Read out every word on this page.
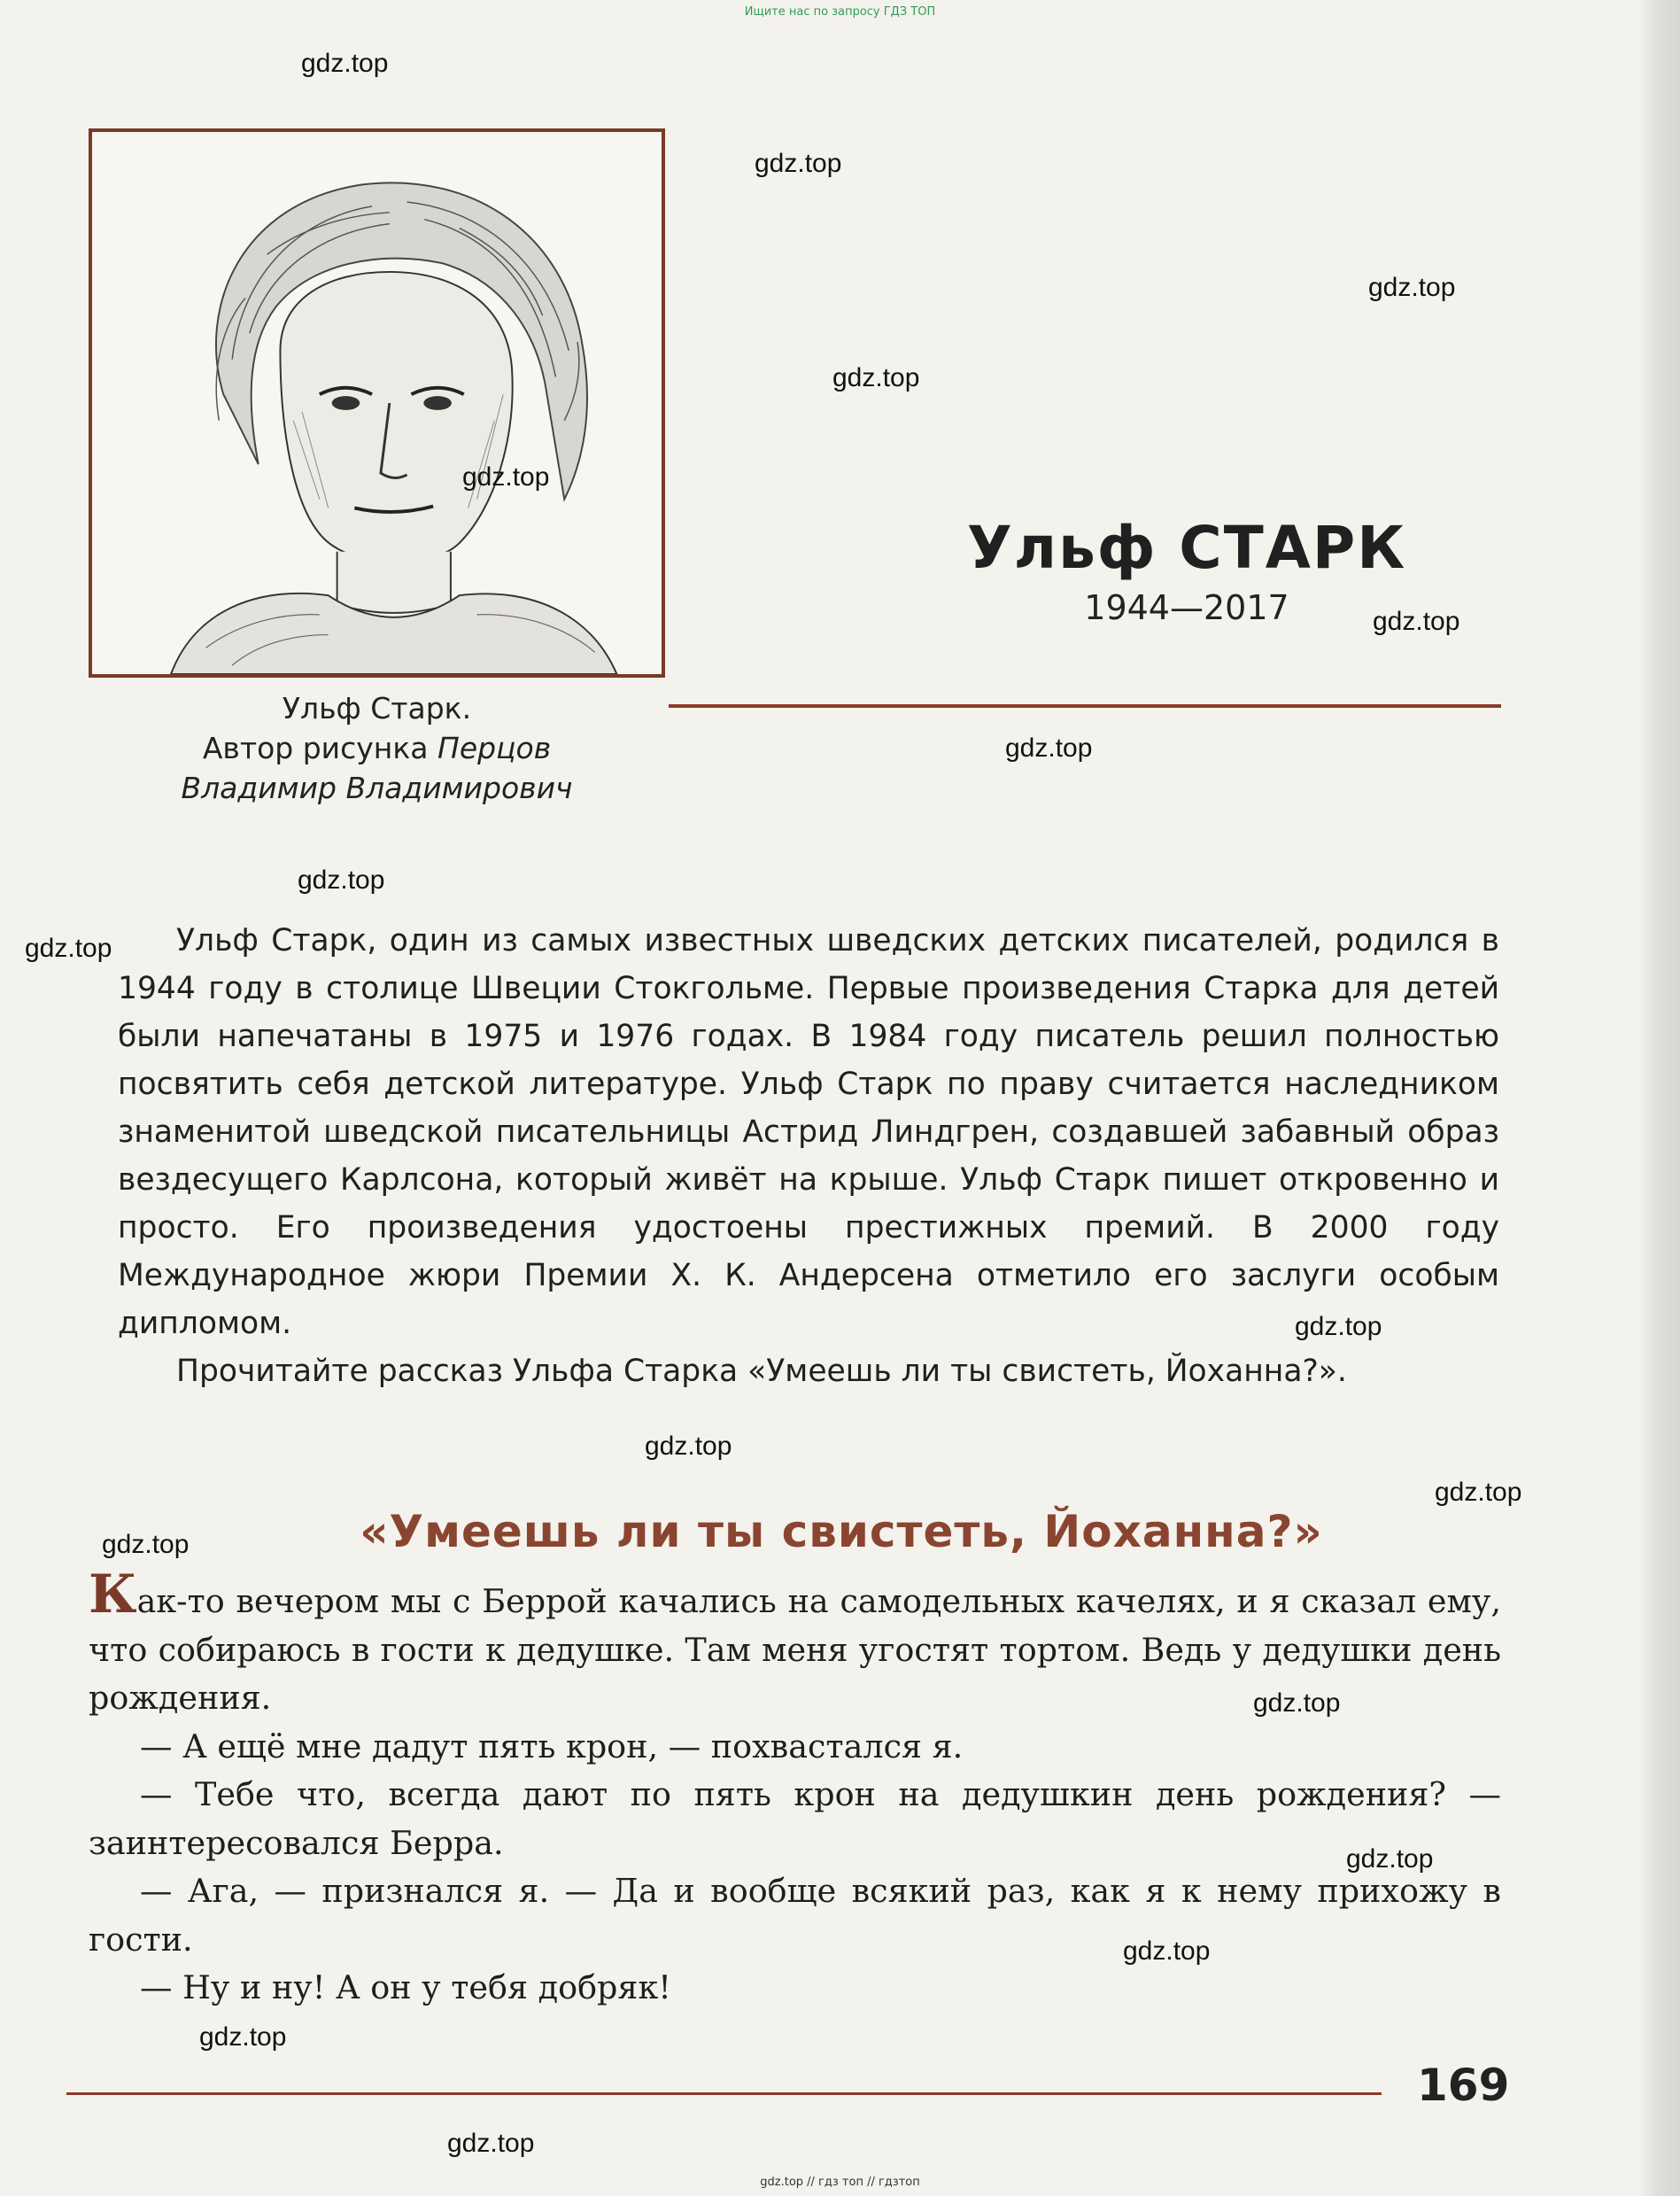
Ищите нас по запросу ГДЗ ТОП
Ульф Старк.
Автор рисунка Перцов
Владимир Владимирович
Ульф СТАРК
1944—2017

Ульф Старк, один из самых известных шведских детских писателей, родился в 1944 году в столице Швеции Стокгольме. Первые произведения Старка для детей были напечатаны в 1975 и 1976 годах. В 1984 году писатель решил полностью посвятить себя детской литературе. Ульф Старк по праву считается наследником знаменитой шведской писательницы Астрид Линдгрен, создавшей забавный образ вездесущего Карлсона, который живёт на крыше. Ульф Старк пишет откровенно и просто. Его произведения удостоены престижных премий. В 2000 году Международное жюри Премии Х. К. Андерсена отметило его заслуги особым дипломом.

Прочитайте рассказ Ульфа Старка «Умеешь ли ты свистеть, Йоханна?».

«Умеешь ли ты свистеть, Йоханна?»

Как-то вечером мы с Беррой качались на самодельных качелях, и я сказал ему, что собираюсь в гости к дедушке. Там меня угостят тортом. Ведь у дедушки день рождения.

— А ещё мне дадут пять крон, — похвастался я.

— Тебе что, всегда дают по пять крон на дедушкин день рождения? — заинтересовался Берра.

— Ага, — признался я. — Да и вообще всякий раз, как я к нему прихожу в гости.

— Ну и ну! А он у тебя добряк!

169
gdz.top
gdz.top
gdz.top
gdz.top
gdz.top
gdz.top
gdz.top
gdz.top
gdz.top
gdz.top
gdz.top
gdz.top
gdz.top
gdz.top
gdz.top
gdz.top
gdz.top
gdz.top
gdz.top // гдз топ // гдзтоп
